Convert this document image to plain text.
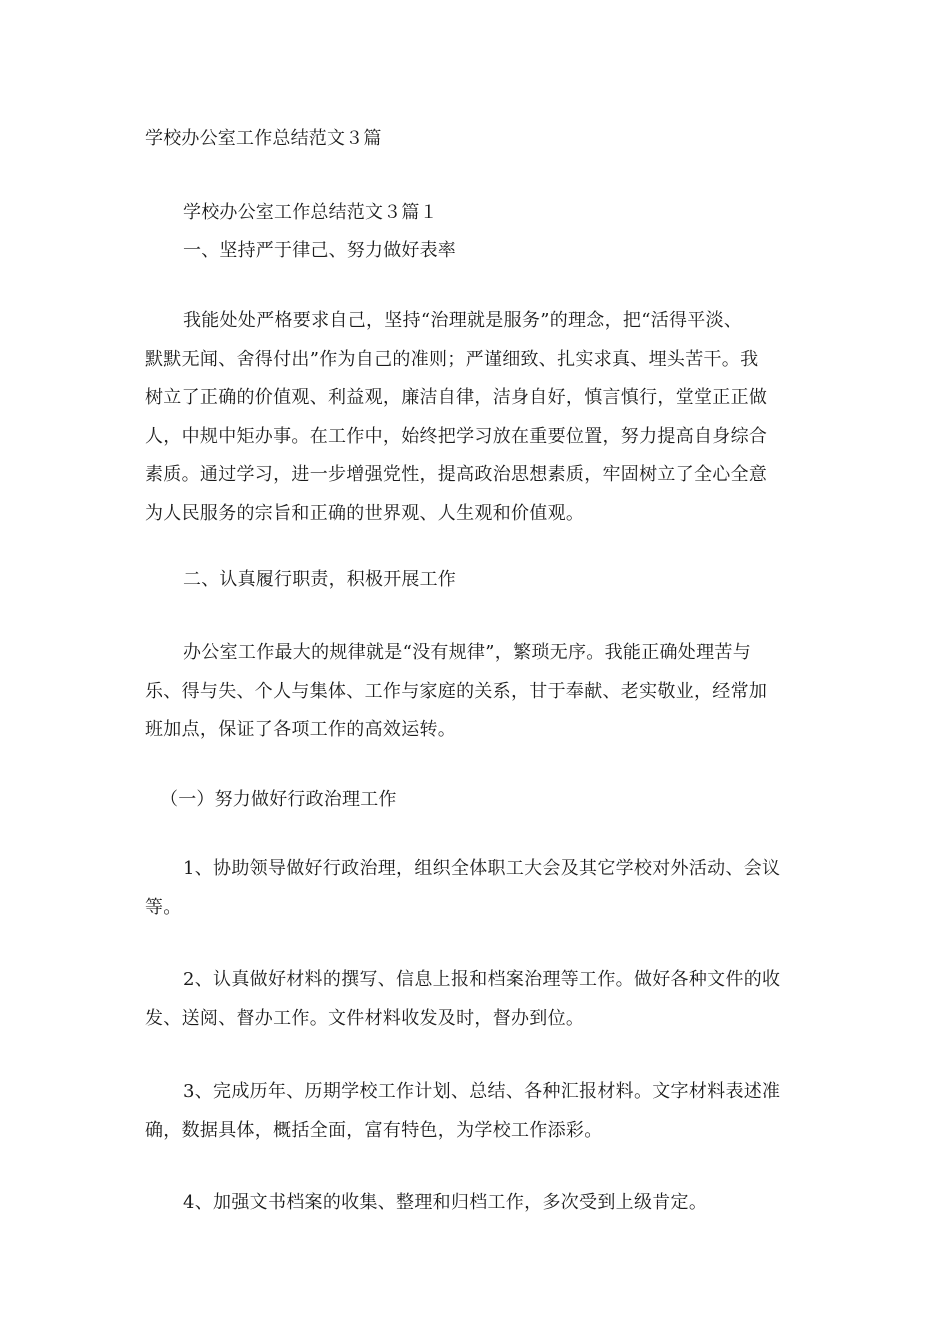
学校办公室工作总结范文３篇
学校办公室工作总结范文３篇１
一、坚持严于律己、努力做好表率
我能处处严格要求自己，坚持“治理就是服务”的理念，把“活得平淡、
默默无闻、舍得付出”作为自己的准则；严谨细致、扎实求真、埋头苦干。我
树立了正确的价值观、利益观，廉洁自律，洁身自好，慎言慎行，堂堂正正做
人，中规中矩办事。在工作中，始终把学习放在重要位置，努力提高自身综合
素质。通过学习，进一步增强党性，提高政治思想素质，牢固树立了全心全意
为人民服务的宗旨和正确的世界观、人生观和价值观。
二、认真履行职责，积极开展工作
办公室工作最大的规律就是“没有规律”，繁琐无序。我能正确处理苦与
乐、得与失、个人与集体、工作与家庭的关系，甘于奉献、老实敬业，经常加
班加点，保证了各项工作的高效运转。
（一）努力做好行政治理工作
1、协助领导做好行政治理，组织全体职工大会及其它学校对外活动、会议
等。
2、认真做好材料的撰写、信息上报和档案治理等工作。做好各种文件的收
发、送阅、督办工作。文件材料收发及时，督办到位。
3、完成历年、历期学校工作计划、总结、各种汇报材料。文字材料表述准
确，数据具体，概括全面，富有特色，为学校工作添彩。
4、加强文书档案的收集、整理和归档工作，多次受到上级肯定。
